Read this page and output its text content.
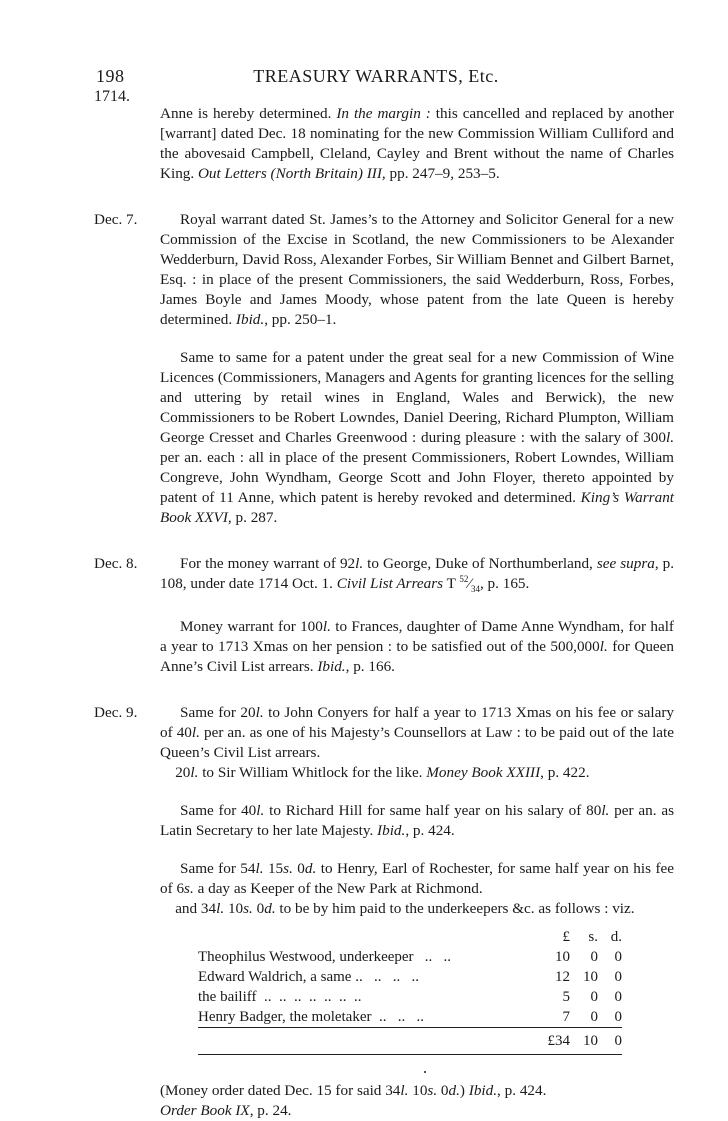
198	TREASURY WARRANTS, Etc.
1714.
Anne is hereby determined. In the margin : this cancelled and replaced by another [warrant] dated Dec. 18 nominating for the new Commission William Culliford and the abovesaid Campbell, Cleland, Cayley and Brent without the name of Charles King. Out Letters (North Britain) III, pp. 247–9, 253–5.
Dec. 7.	Royal warrant dated St. James’s to the Attorney and Solicitor General for a new Commission of the Excise in Scotland, the new Commissioners to be Alexander Wedderburn, David Ross, Alexander Forbes, Sir William Bennet and Gilbert Barnet, Esq. : in place of the present Commissioners, the said Wedderburn, Ross, Forbes, James Boyle and James Moody, whose patent from the late Queen is hereby determined. Ibid., pp. 250–1.
Same to same for a patent under the great seal for a new Commission of Wine Licences (Commissioners, Managers and Agents for granting licences for the selling and uttering by retail wines in England, Wales and Berwick), the new Commissioners to be Robert Lowndes, Daniel Deering, Richard Plumpton, William George Cresset and Charles Greenwood : during pleasure : with the salary of 300l. per an. each : all in place of the present Commissioners, Robert Lowndes, William Congreve, John Wyndham, George Scott and John Floyer, thereto appointed by patent of 11 Anne, which patent is hereby revoked and determined. King’s Warrant Book XXVI, p. 287.
Dec. 8.	For the money warrant of 92l. to George, Duke of Northumberland, see supra, p. 108, under date 1714 Oct. 1. Civil List Arrears T $^{52}⁄_{34}$, p. 165.
Money warrant for 100l. to Frances, daughter of Dame Anne Wyndham, for half a year to 1713 Xmas on her pension : to be satisfied out of the 500,000l. for Queen Anne’s Civil List arrears. Ibid., p. 166.
Dec. 9.	Same for 20l. to John Conyers for half a year to 1713 Xmas on his fee or salary of 40l. per an. as one of his Majesty’s Counsellors at Law : to be paid out of the late Queen’s Civil List arrears.
20l. to Sir William Whitlock for the like. Money Book XXIII, p. 422.
Same for 40l. to Richard Hill for same half year on his salary of 80l. per an. as Latin Secretary to her late Majesty. Ibid., p. 424.
Same for 54l. 15s. 0d. to Henry, Earl of Rochester, for same half year on his fee of 6s. a day as Keeper of the New Park at Richmond.
and 34l. 10s. 0d. to be by him paid to the underkeepers &c. as follows : viz.
	£	s.	d.
Theophilus Westwood, underkeeper   ..   ..	10	0	0
Edward Waldrich, a same ..   ..   ..   ..	12	10	0
the bailiff  ..  ..  ..  ..  ..  ..  ..	5	0	0
Henry Badger, the moletaker  ..   ..   ..	7	0	0
	£34	10	0
(Money order dated Dec. 15 for said 34l. 10s. 0d.) Ibid., p. 424.
Order Book IX, p. 24.
